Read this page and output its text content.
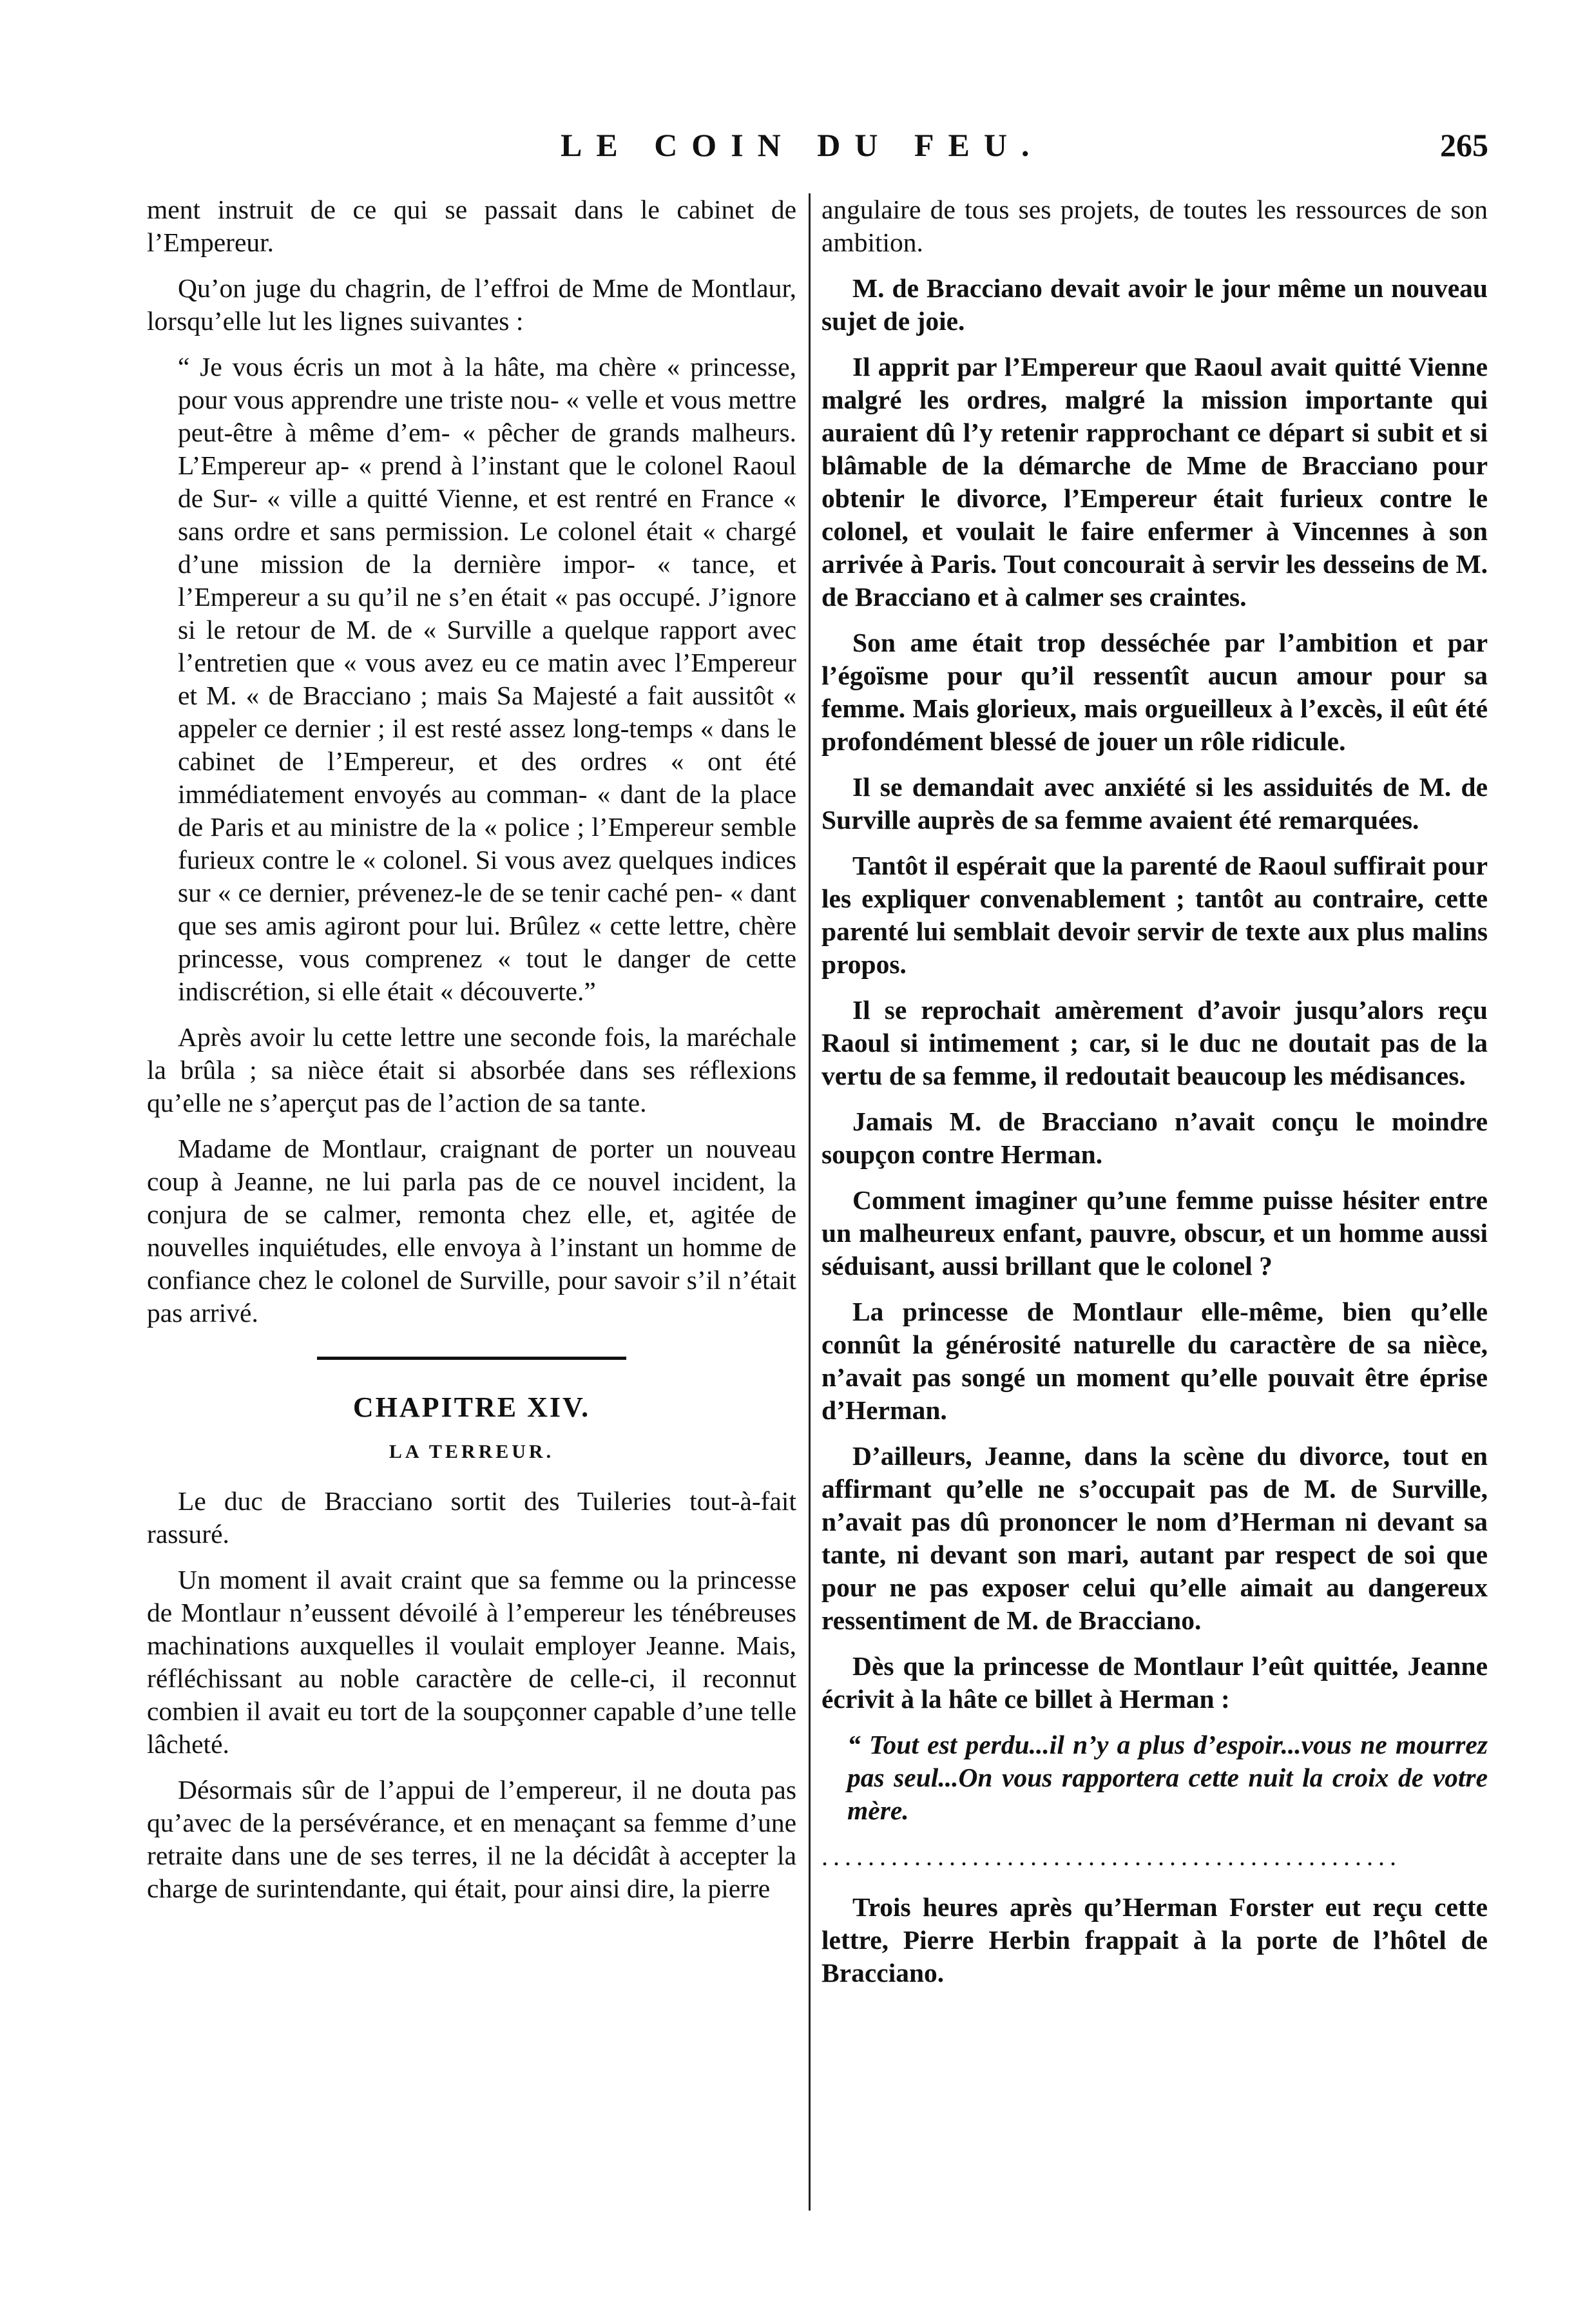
LE COIN DU FEU.	265

ment instruit de ce qui se passait dans le cabinet de l’Empereur.

Qu’on juge du chagrin, de l’effroi de Mme de Montlaur, lorsqu’elle lut les lignes suivantes :

“ Je vous écris un mot à la hâte, ma chère « princesse, pour vous apprendre une triste nou- « velle et vous mettre peut-être à même d’em- « pêcher de grands malheurs. L’Empereur ap- « prend à l’instant que le colonel Raoul de Sur- « ville a quitté Vienne, et est rentré en France « sans ordre et sans permission. Le colonel était « chargé d’une mission de la dernière impor- « tance, et l’Empereur a su qu’il ne s’en était « pas occupé. J’ignore si le retour de M. de « Surville a quelque rapport avec l’entretien que « vous avez eu ce matin avec l’Empereur et M. « de Bracciano ; mais Sa Majesté a fait aussitôt « appeler ce dernier ; il est resté assez long-temps « dans le cabinet de l’Empereur, et des ordres « ont été immédiatement envoyés au comman- « dant de la place de Paris et au ministre de la « police ; l’Empereur semble furieux contre le « colonel. Si vous avez quelques indices sur « ce dernier, prévenez-le de se tenir caché pen- « dant que ses amis agiront pour lui. Brûlez « cette lettre, chère princesse, vous comprenez « tout le danger de cette indiscrétion, si elle était « découverte.”

Après avoir lu cette lettre une seconde fois, la maréchale la brûla ; sa nièce était si absorbée dans ses réflexions qu’elle ne s’aperçut pas de l’action de sa tante.

Madame de Montlaur, craignant de porter un nouveau coup à Jeanne, ne lui parla pas de ce nouvel incident, la conjura de se calmer, remonta chez elle, et, agitée de nouvelles inquiétudes, elle envoya à l’instant un homme de confiance chez le colonel de Surville, pour savoir s’il n’était pas arrivé.

CHAPITRE XIV.
LA TERREUR.

Le duc de Bracciano sortit des Tuileries tout-à-fait rassuré.

Un moment il avait craint que sa femme ou la princesse de Montlaur n’eussent dévoilé à l’empereur les ténébreuses machinations auxquelles il voulait employer Jeanne. Mais, réfléchissant au noble caractère de celle-ci, il reconnut combien il avait eu tort de la soupçonner capable d’une telle lâcheté.

Désormais sûr de l’appui de l’empereur, il ne douta pas qu’avec de la persévérance, et en menaçant sa femme d’une retraite dans une de ses terres, il ne la décidât à accepter la charge de surintendante, qui était, pour ainsi dire, la pierre

angulaire de tous ses projets, de toutes les ressources de son ambition.

M. de Bracciano devait avoir le jour même un nouveau sujet de joie.

Il apprit par l’Empereur que Raoul avait quitté Vienne malgré les ordres, malgré la mission importante qui auraient dû l’y retenir rapprochant ce départ si subit et si blâmable de la démarche de Mme de Bracciano pour obtenir le divorce, l’Empereur était furieux contre le colonel, et voulait le faire enfermer à Vincennes à son arrivée à Paris. Tout concourait à servir les desseins de M. de Bracciano et à calmer ses craintes.

Son ame était trop desséchée par l’ambition et par l’égoïsme pour qu’il ressentît aucun amour pour sa femme. Mais glorieux, mais orgueilleux à l’excès, il eût été profondément blessé de jouer un rôle ridicule.

Il se demandait avec anxiété si les assiduités de M. de Surville auprès de sa femme avaient été remarquées.

Tantôt il espérait que la parenté de Raoul suffirait pour les expliquer convenablement ; tantôt au contraire, cette parenté lui semblait devoir servir de texte aux plus malins propos.

Il se reprochait amèrement d’avoir jusqu’alors reçu Raoul si intimement ; car, si le duc ne doutait pas de la vertu de sa femme, il redoutait beaucoup les médisances.

Jamais M. de Bracciano n’avait conçu le moindre soupçon contre Herman.

Comment imaginer qu’une femme puisse hésiter entre un malheureux enfant, pauvre, obscur, et un homme aussi séduisant, aussi brillant que le colonel ?

La princesse de Montlaur elle-même, bien qu’elle connût la générosité naturelle du caractère de sa nièce, n’avait pas songé un moment qu’elle pouvait être éprise d’Herman.

D’ailleurs, Jeanne, dans la scène du divorce, tout en affirmant qu’elle ne s’occupait pas de M. de Surville, n’avait pas dû prononcer le nom d’Herman ni devant sa tante, ni devant son mari, autant par respect de soi que pour ne pas exposer celui qu’elle aimait au dangereux ressentiment de M. de Bracciano.

Dès que la princesse de Montlaur l’eût quittée, Jeanne écrivit à la hâte ce billet à Herman :

“ Tout est perdu...il n’y a plus d’espoir...vous ne mourrez pas seul...On vous rapportera cette nuit la croix de votre mère.

..................................................

Trois heures après qu’Herman Forster eut reçu cette lettre, Pierre Herbin frappait à la porte de l’hôtel de Bracciano.
